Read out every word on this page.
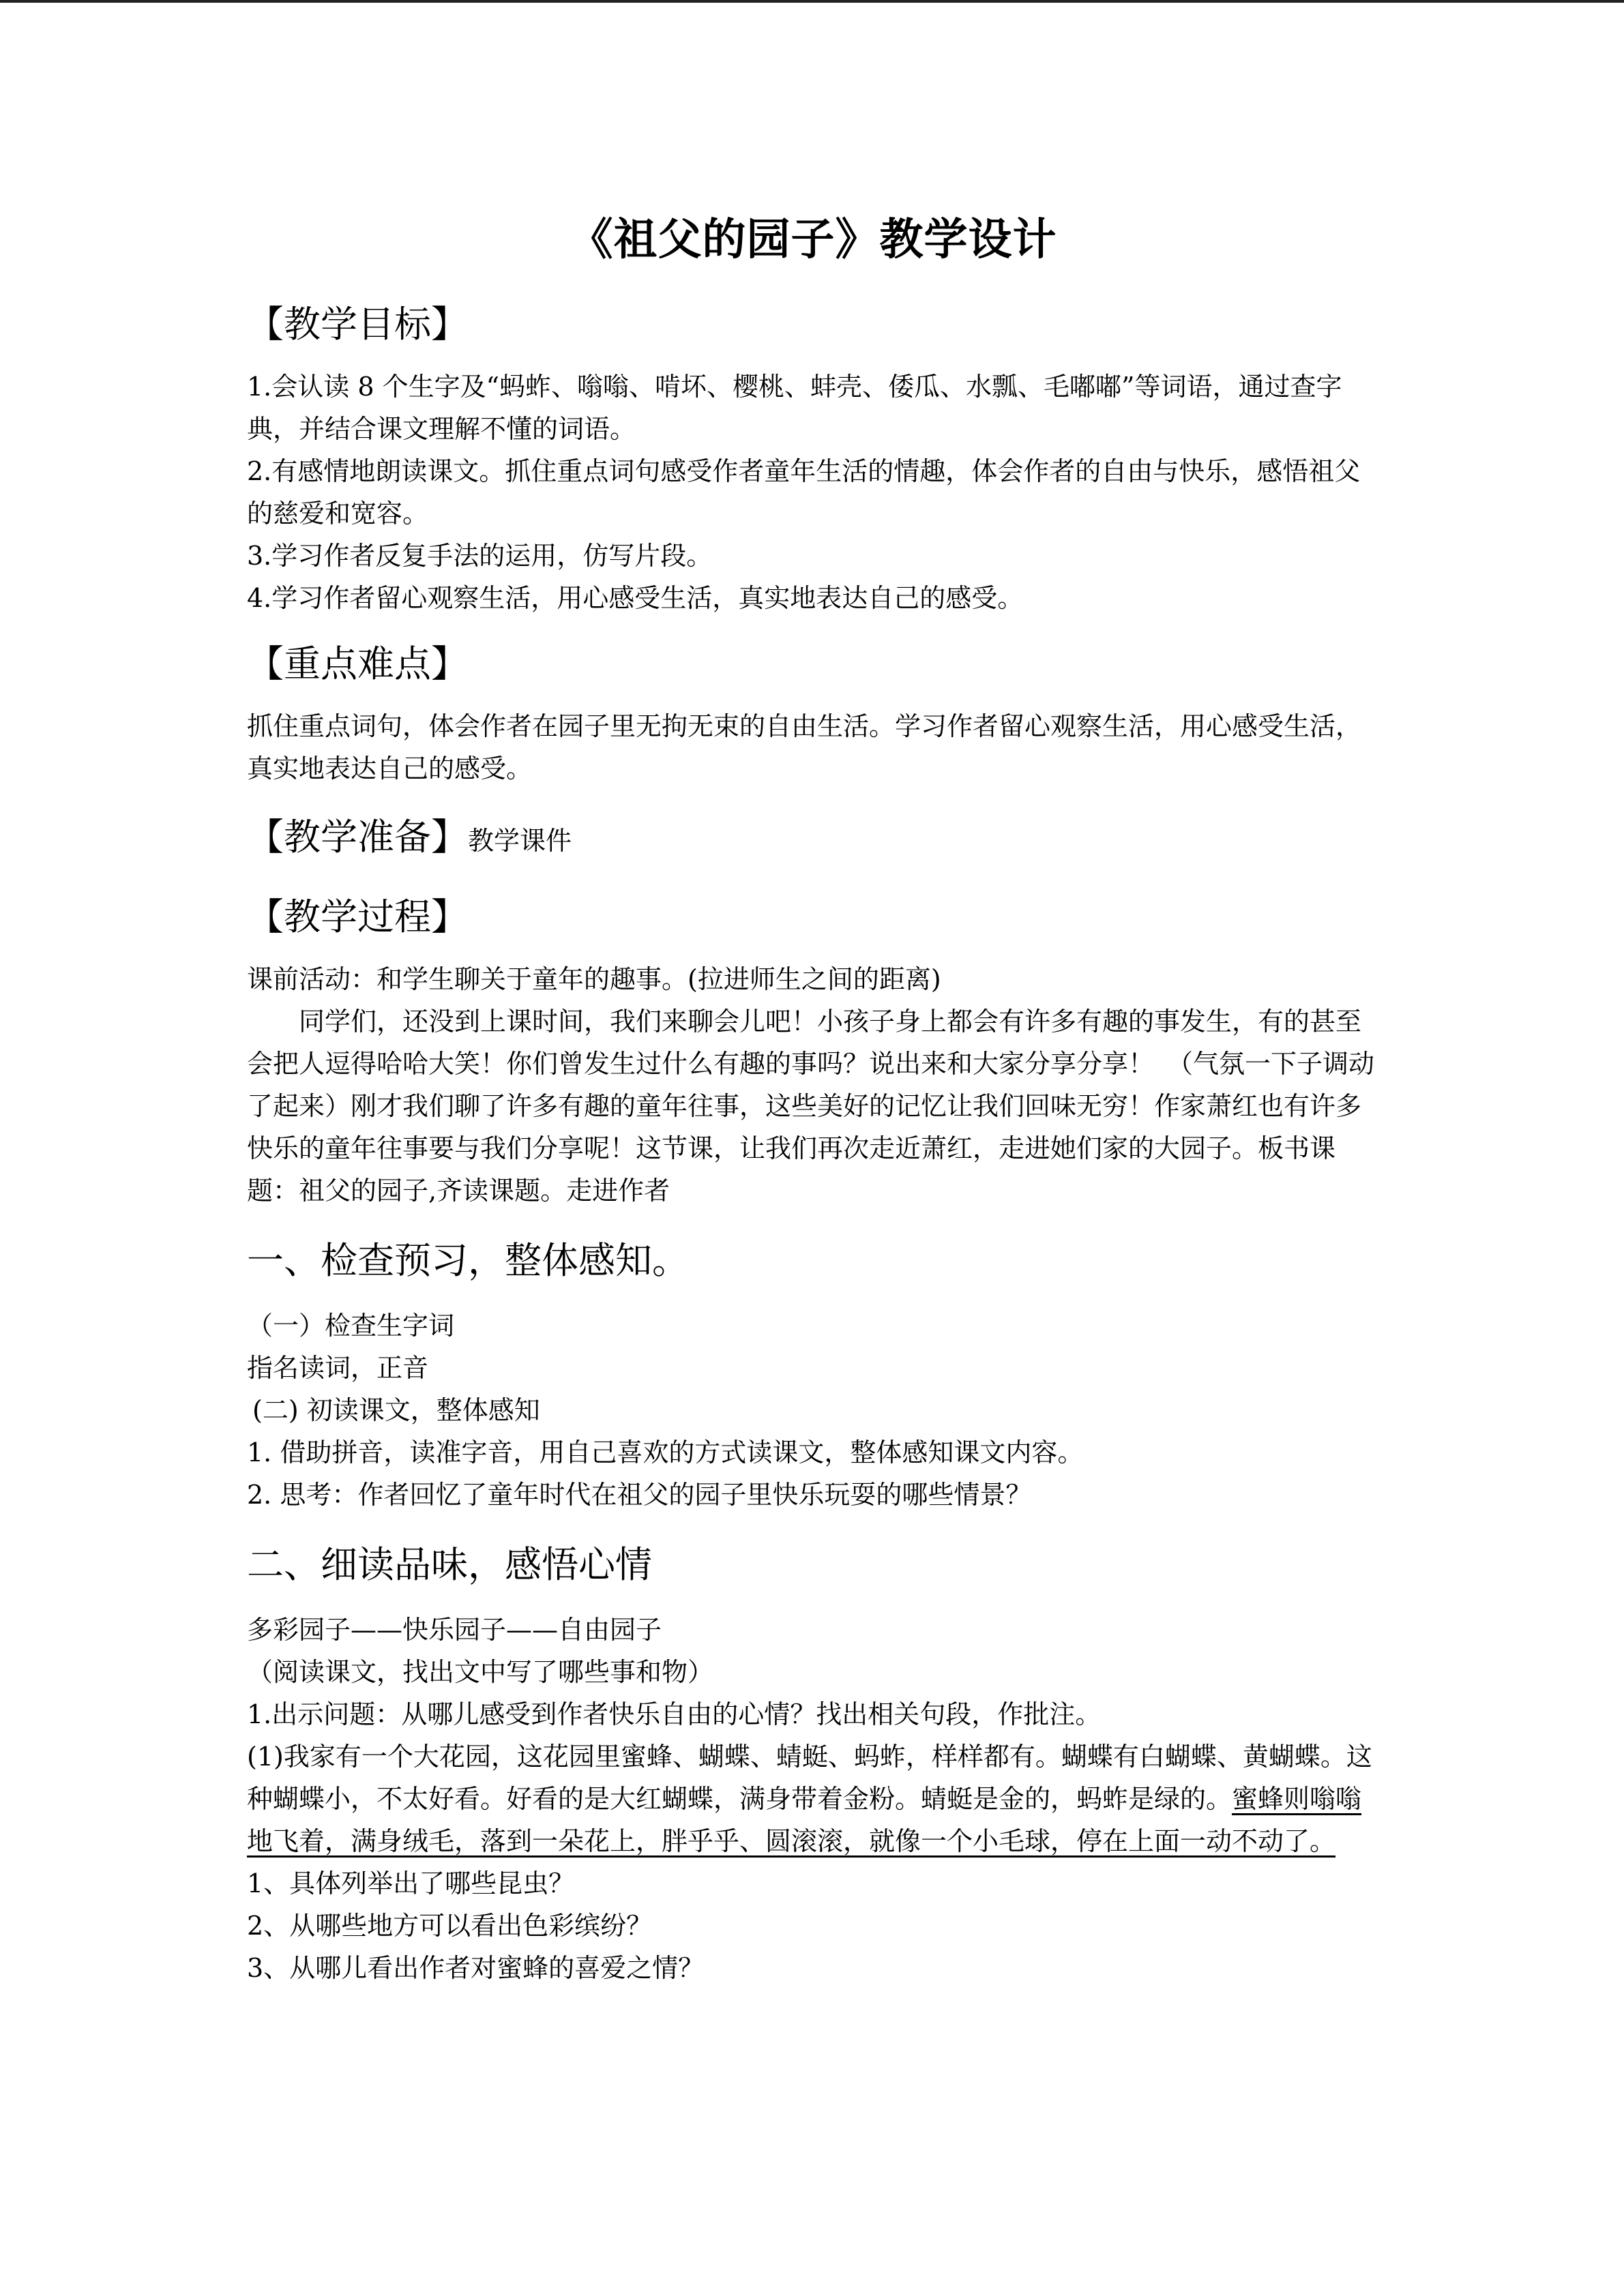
《祖父的园子》教学设计
【教学目标】

1.会认读 8 个生字及“蚂蚱、嗡嗡、啃坏、樱桃、蚌壳、倭瓜、水瓢、毛嘟嘟”等词语，通过查字典，并结合课文理解不懂的词语。

2.有感情地朗读课文。抓住重点词句感受作者童年生活的情趣，体会作者的自由与快乐，感悟祖父的慈爱和宽容。

3.学习作者反复手法的运用，仿写片段。

4.学习作者留心观察生活，用心感受生活，真实地表达自己的感受。

【重点难点】

抓住重点词句，体会作者在园子里无拘无束的自由生活。学习作者留心观察生活，用心感受生活，真实地表达自己的感受。

【教学准备】教学课件
【教学过程】

课前活动：和学生聊关于童年的趣事。(拉进师生之间的距离)

同学们，还没到上课时间，我们来聊会儿吧！小孩子身上都会有许多有趣的事发生，有的甚至会把人逗得哈哈大笑！你们曾发生过什么有趣的事吗？说出来和大家分享分享！　（气氛一下子调动了起来）刚才我们聊了许多有趣的童年往事，这些美好的记忆让我们回味无穷！作家萧红也有许多快乐的童年往事要与我们分享呢！这节课，让我们再次走近萧红，走进她们家的大园子。板书课题：祖父的园子,齐读课题。走进作者

一、检查预习，整体感知。

（一）检查生字词

指名读词，正音

(二) 初读课文，整体感知

1. 借助拼音，读准字音，用自己喜欢的方式读课文，整体感知课文内容。

2. 思考：作者回忆了童年时代在祖父的园子里快乐玩耍的哪些情景？

二、细读品味，感悟心情

多彩园子——快乐园子——自由园子

（阅读课文，找出文中写了哪些事和物）

1.出示问题：从哪儿感受到作者快乐自由的心情？找出相关句段，作批注。

(1)我家有一个大花园，这花园里蜜蜂、蝴蝶、蜻蜓、蚂蚱，样样都有。蝴蝶有白蝴蝶、黄蝴蝶。这种蝴蝶小，不太好看。好看的是大红蝴蝶，满身带着金粉。蜻蜓是金的，蚂蚱是绿的。蜜蜂则嗡嗡地飞着，满身绒毛，落到一朵花上，胖乎乎、圆滚滚，就像一个小毛球，停在上面一动不动了。

1、具体列举出了哪些昆虫？

2、从哪些地方可以看出色彩缤纷？

3、从哪儿看出作者对蜜蜂的喜爱之情？
